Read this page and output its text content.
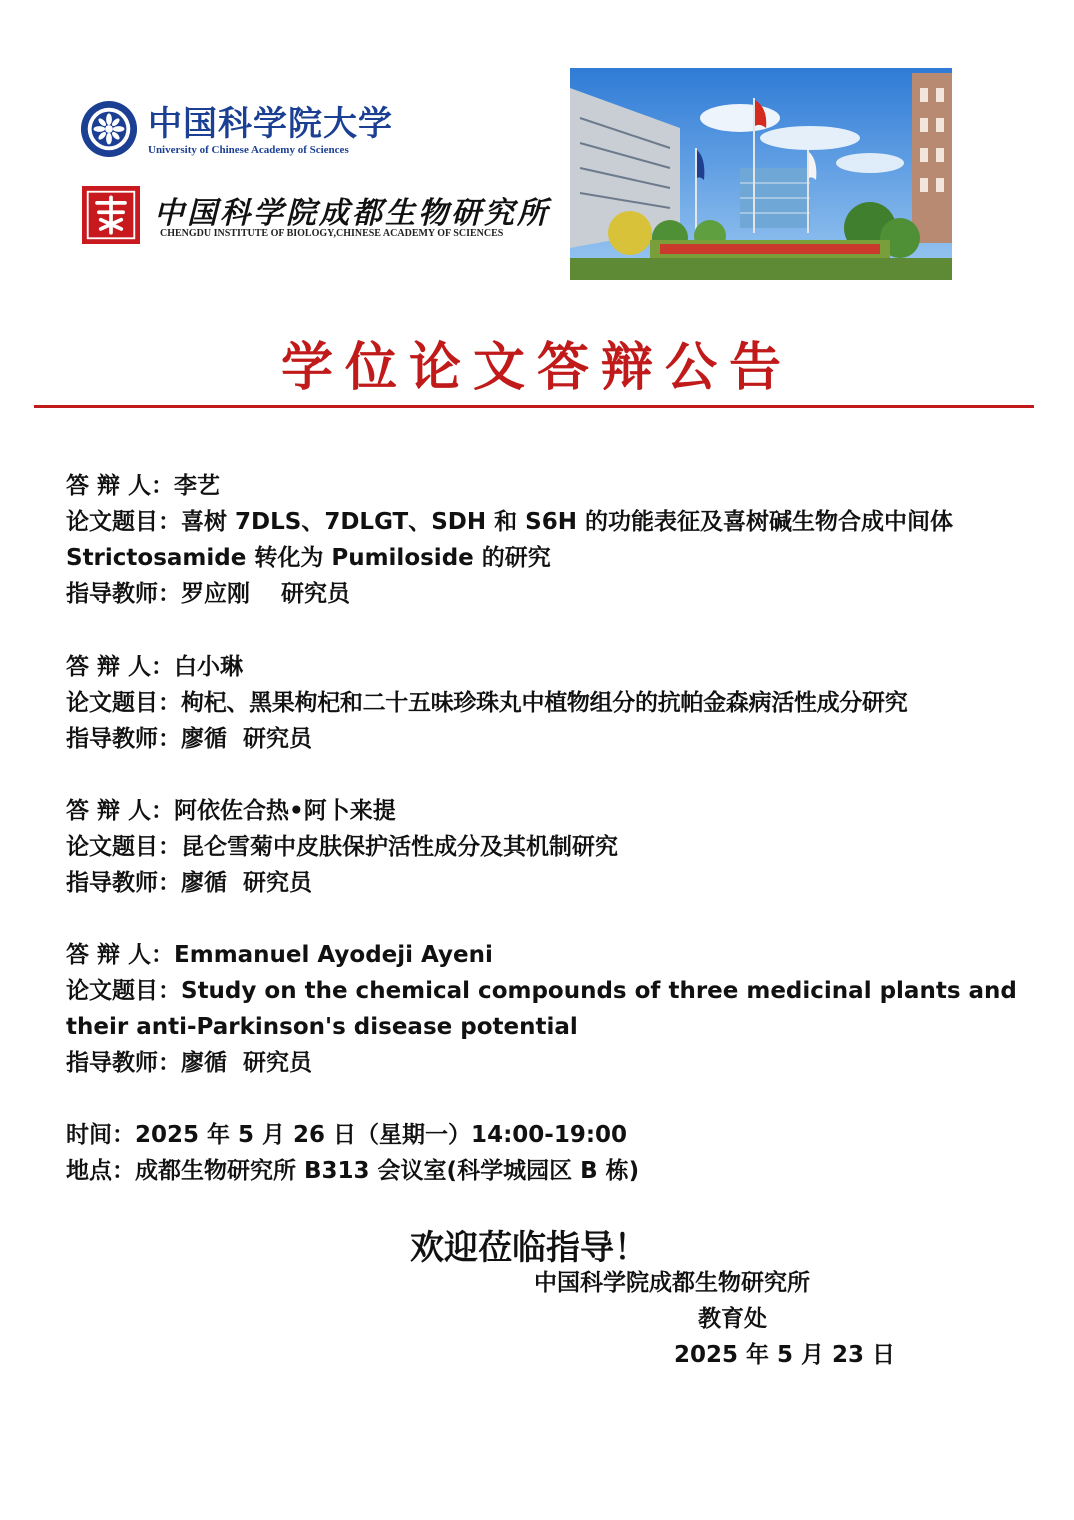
中国科学院大学
University of Chinese Academy of Sciences
中国科学院成都生物研究所
CHENGDU INSTITUTE OF BIOLOGY,CHINESE ACADEMY OF SCIENCES
学位论文答辩公告
答 辩 人：李艺
论文题目：喜树 7DLS、7DLGT、SDH 和 S6H 的功能表征及喜树碱生物合成中间体 Strictosamide 转化为 Pumiloside 的研究
指导教师：罗应刚　 研究员
答 辩 人：白小琳
论文题目：枸杞、黑果枸杞和二十五味珍珠丸中植物组分的抗帕金森病活性成分研究
指导教师：廖循  研究员
答 辩 人：阿依佐合热•阿卜来提
论文题目：昆仑雪菊中皮肤保护活性成分及其机制研究
指导教师：廖循  研究员
答 辩 人：Emmanuel Ayodeji Ayeni
论文题目：Study on the chemical compounds of three medicinal plants and their anti-Parkinson's disease potential
指导教师：廖循  研究员
时间：2025 年 5 月 26 日（星期一）14:00-19:00
地点：成都生物研究所 B313 会议室(科学城园区 B 栋)
欢迎莅临指导！
中国科学院成都生物研究所
教育处
2025 年 5 月 23 日
